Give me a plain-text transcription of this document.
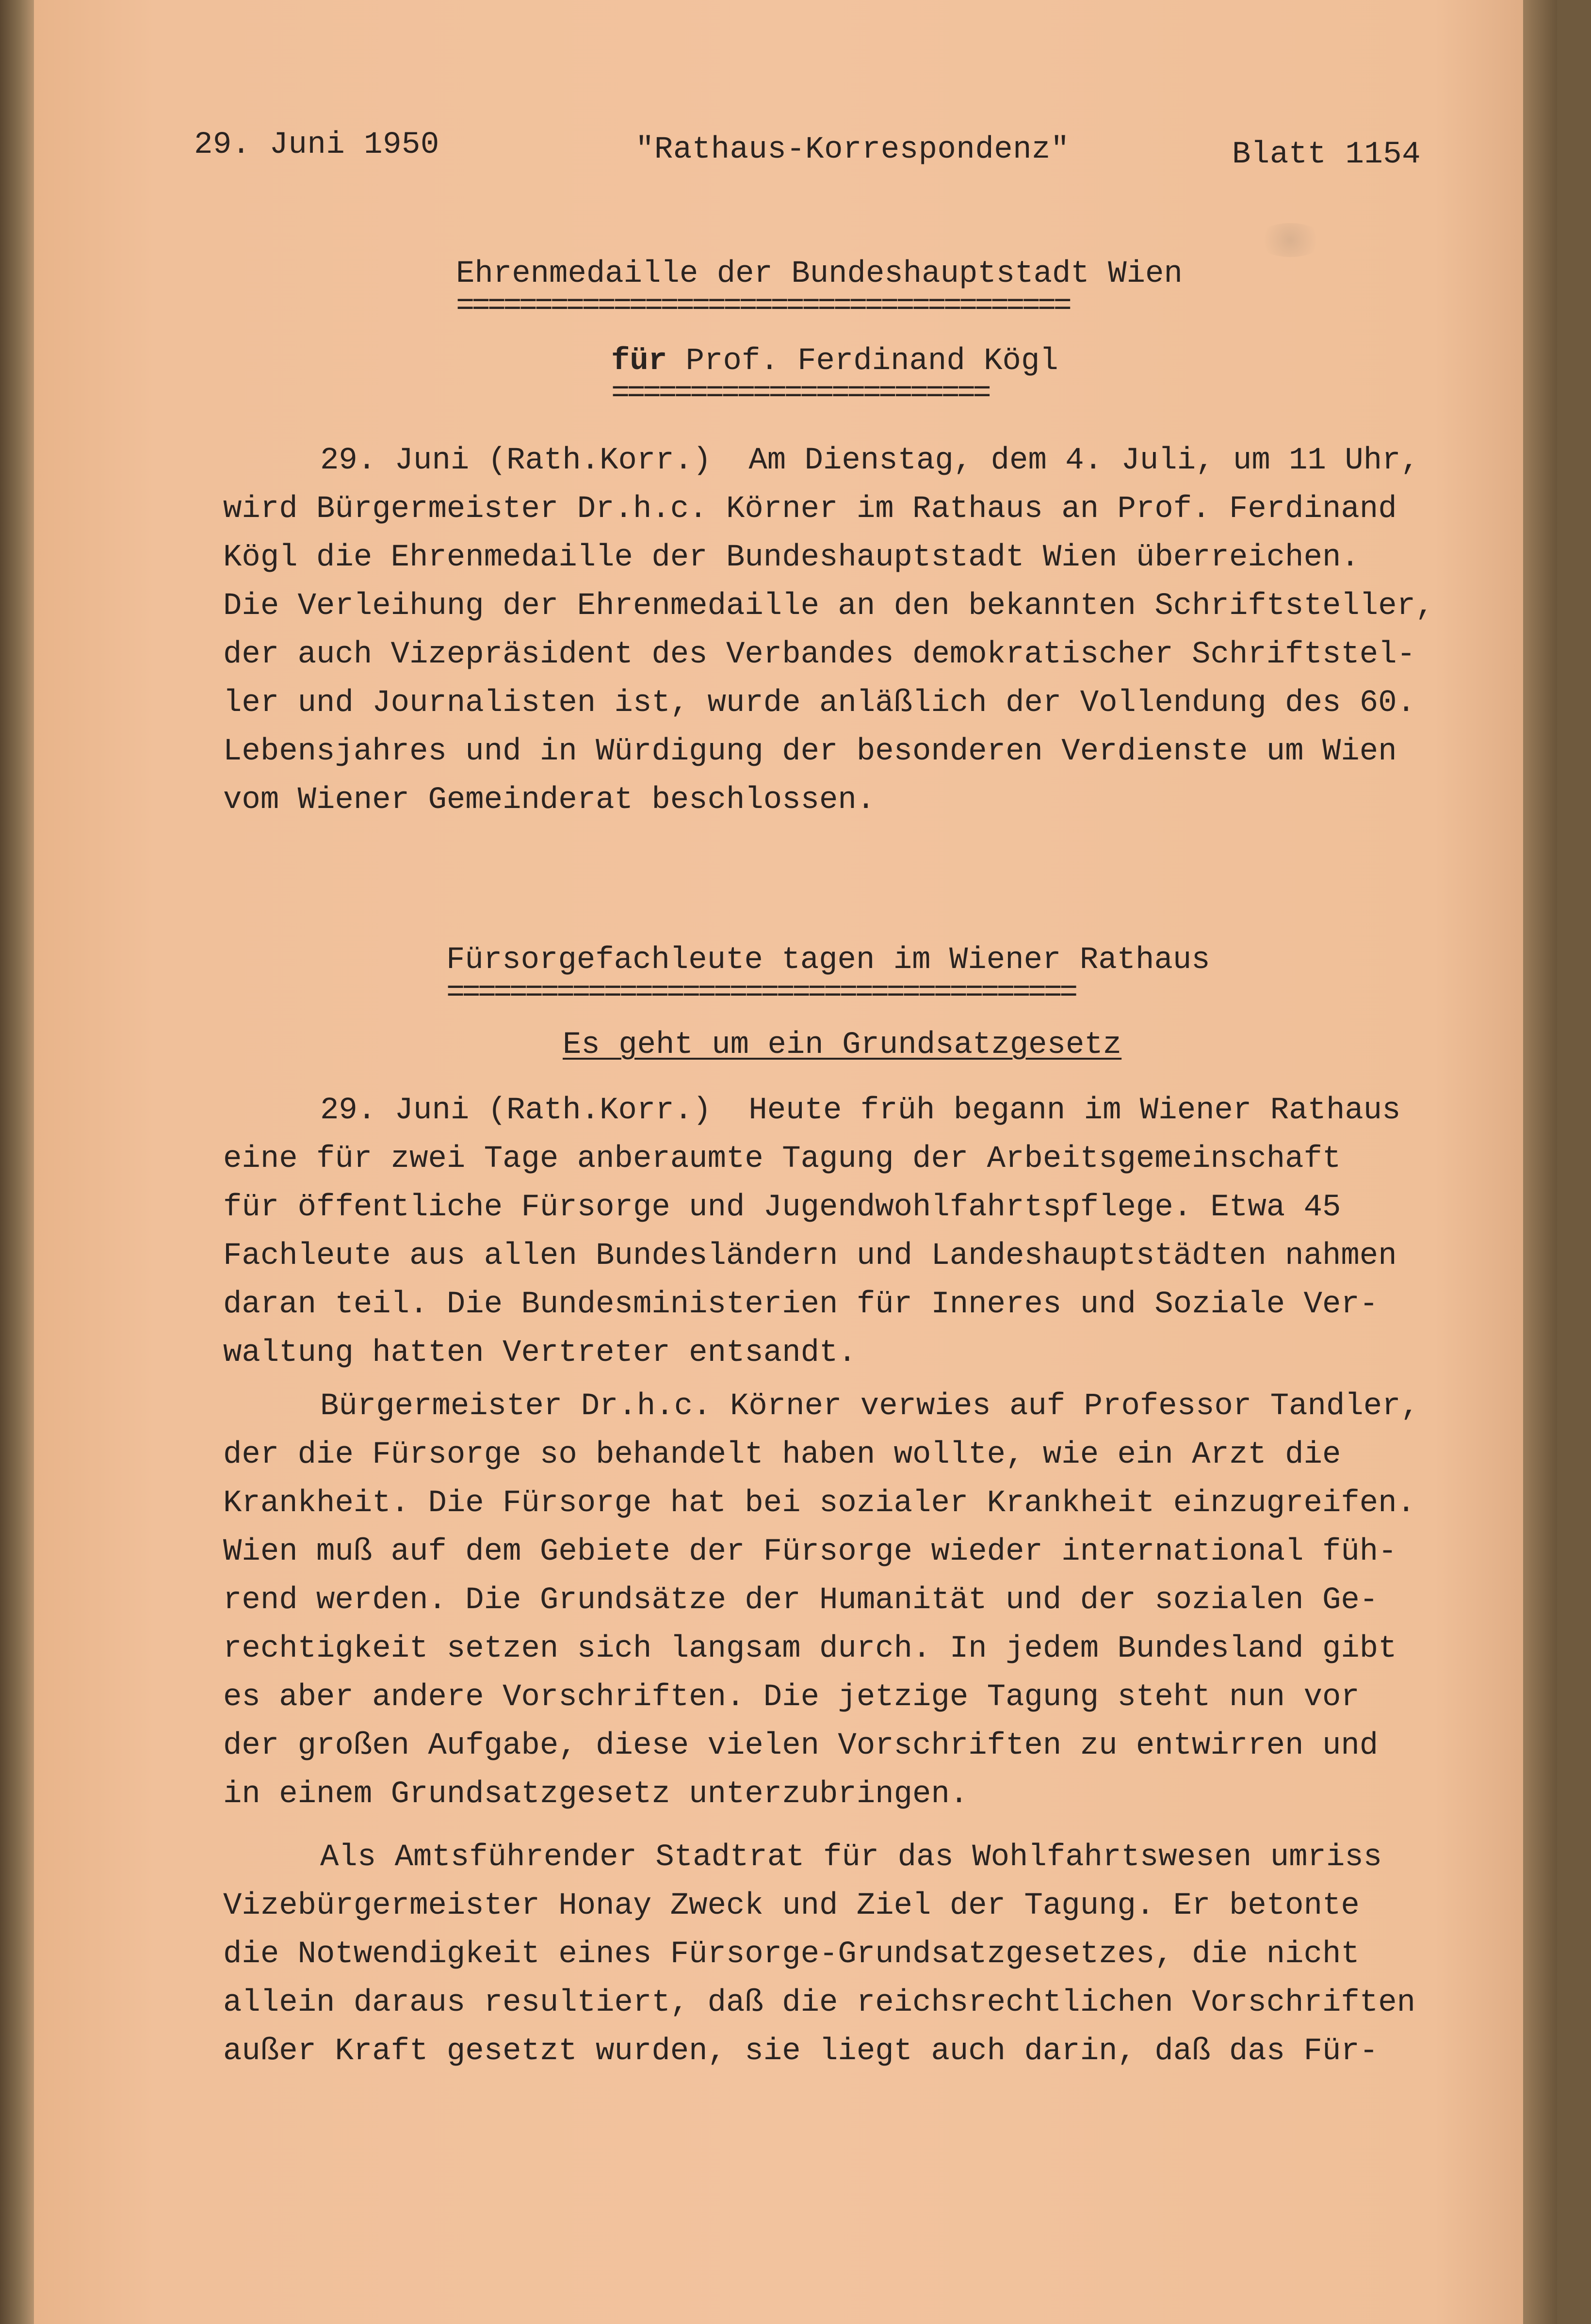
29. Juni 1950	"Rathaus-Korrespondenz"	Blatt 1154
Ehrenmedaille der Bundeshauptstadt Wien
=======================================
für Prof. Ferdinand Kögl
========================
29. Juni (Rath.Korr.)  Am Dienstag, dem 4. Juli, um 11 Uhr,
wird Bürgermeister Dr.h.c. Körner im Rathaus an Prof. Ferdinand
Kögl die Ehrenmedaille der Bundeshauptstadt Wien überreichen.
Die Verleihung der Ehrenmedaille an den bekannten Schriftsteller,
der auch Vizepräsident des Verbandes demokratischer Schriftstel-
ler und Journalisten ist, wurde anläßlich der Vollendung des 60.
Lebensjahres und in Würdigung der besonderen Verdienste um Wien
vom Wiener Gemeinderat beschlossen.
Fürsorgefachleute tagen im Wiener Rathaus
========================================
Es geht um ein Grundsatzgesetz
29. Juni (Rath.Korr.)  Heute früh begann im Wiener Rathaus
eine für zwei Tage anberaumte Tagung der Arbeitsgemeinschaft
für öffentliche Fürsorge und Jugendwohlfahrtspflege. Etwa 45
Fachleute aus allen Bundesländern und Landeshauptstädten nahmen
daran teil. Die Bundesministerien für Inneres und Soziale Ver-
waltung hatten Vertreter entsandt.
Bürgermeister Dr.h.c. Körner verwies auf Professor Tandler,
der die Fürsorge so behandelt haben wollte, wie ein Arzt die
Krankheit. Die Fürsorge hat bei sozialer Krankheit einzugreifen.
Wien muß auf dem Gebiete der Fürsorge wieder international füh-
rend werden. Die Grundsätze der Humanität und der sozialen Ge-
rechtigkeit setzen sich langsam durch. In jedem Bundesland gibt
es aber andere Vorschriften. Die jetzige Tagung steht nun vor
der großen Aufgabe, diese vielen Vorschriften zu entwirren und
in einem Grundsatzgesetz unterzubringen.
Als Amtsführender Stadtrat für das Wohlfahrtswesen umriss
Vizebürgermeister Honay Zweck und Ziel der Tagung. Er betonte
die Notwendigkeit eines Fürsorge-Grundsatzgesetzes, die nicht
allein daraus resultiert, daß die reichsrechtlichen Vorschriften
außer Kraft gesetzt wurden, sie liegt auch darin, daß das Für-
